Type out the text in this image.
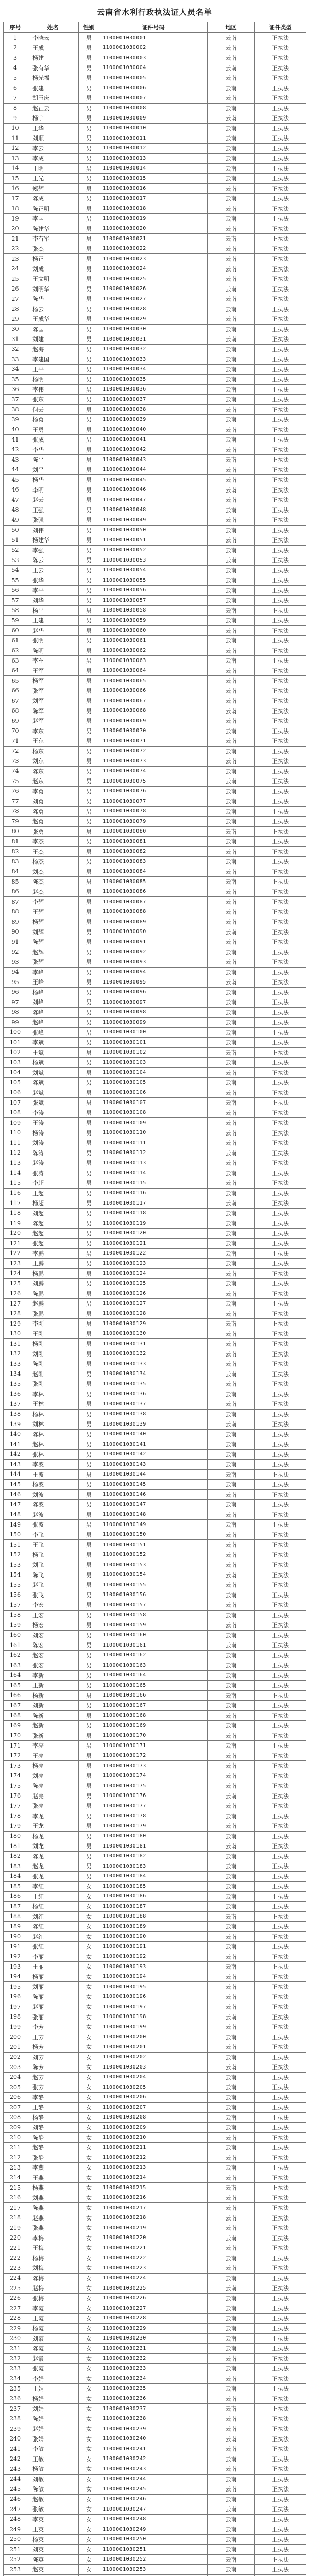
云南省水利行政执法证人员名单
序号	姓名	性别	证件号码	地区	证件类型
1	李晓云	男	1100001030001	云南	正执法
2	王成	男	1100001030002	云南	正执法
3	杨建	男	1100001030003	云南	正执法
4	张有华	男	1100001030004	云南	正执法
5	杨光福	男	1100001030005	云南	正执法
6	张建	男	1100001030006	云南	正执法
7	胡玉庆	男	1100001030007	云南	正执法
8	赵正云	男	1100001030008	云南	正执法
9	杨宇	男	1100001030009	云南	正执法
10	王华	男	1100001030010	云南	正执法
11	刘顺	男	1100001030011	云南	正执法
12	李云	男	1100001030012	云南	正执法
13	李成	男	1100001030013	云南	正执法
14	王明	男	1100001030014	云南	正执法
15	王光	男	1100001030015	云南	正执法
16	郑辉	男	1100001030016	云南	正执法
17	陈成	男	1100001030017	云南	正执法
18	陈正明	男	1100001030018	云南	正执法
19	李国	男	1100001030019	云南	正执法
20	陈建华	男	1100001030020	云南	正执法
21	李有军	男	1100001030021	云南	正执法
22	张杰	男	1100001030022	云南	正执法
23	杨正	男	1100001030023	云南	正执法
24	刘成	男	1100001030024	云南	正执法
25	王文明	男	1100001030025	云南	正执法
26	刘明华	男	1100001030026	云南	正执法
27	陈华	男	1100001030027	云南	正执法
28	杨云	男	1100001030028	云南	正执法
29	王成华	男	1100001030029	云南	正执法
30	陈国	男	1100001030030	云南	正执法
31	刘建	男	1100001030031	云南	正执法
32	赵海	男	1100001030032	云南	正执法
33	李建国	男	1100001030033	云南	正执法
34	王平	男	1100001030034	云南	正执法
35	杨明	男	1100001030035	云南	正执法
36	李伟	男	1100001030036	云南	正执法
37	张东	男	1100001030037	云南	正执法
38	何云	男	1100001030038	云南	正执法
39	杨勇	男	1100001030039	云南	正执法
40	王勇	男	1100001030040	云南	正执法
41	张成	男	1100001030041	云南	正执法
42	李华	男	1100001030042	云南	正执法
43	陈平	男	1100001030043	云南	正执法
44	刘平	男	1100001030044	云南	正执法
45	杨华	男	1100001030045	云南	正执法
46	李明	男	1100001030046	云南	正执法
47	赵云	男	1100001030047	云南	正执法
48	王强	男	1100001030048	云南	正执法
49	张强	男	1100001030049	云南	正执法
50	刘伟	男	1100001030050	云南	正执法
51	杨建华	男	1100001030051	云南	正执法
52	李强	男	1100001030052	云南	正执法
53	陈云	男	1100001030053	云南	正执法
54	王云	男	1100001030054	云南	正执法
55	张华	男	1100001030055	云南	正执法
56	李平	男	1100001030056	云南	正执法
57	刘华	男	1100001030057	云南	正执法
58	杨平	男	1100001030058	云南	正执法
59	王建	男	1100001030059	云南	正执法
60	赵华	男	1100001030060	云南	正执法
61	张明	男	1100001030061	云南	正执法
62	陈明	男	1100001030062	云南	正执法
63	李军	男	1100001030063	云南	正执法
64	王军	男	1100001030064	云南	正执法
65	杨军	男	1100001030065	云南	正执法
66	张军	男	1100001030066	云南	正执法
67	刘军	男	1100001030067	云南	正执法
68	陈军	男	1100001030068	云南	正执法
69	赵军	男	1100001030069	云南	正执法
70	李东	男	1100001030070	云南	正执法
71	王东	男	1100001030071	云南	正执法
72	杨东	男	1100001030072	云南	正执法
73	刘东	男	1100001030073	云南	正执法
74	陈东	男	1100001030074	云南	正执法
75	赵东	男	1100001030075	云南	正执法
76	李勇	男	1100001030076	云南	正执法
77	刘勇	男	1100001030077	云南	正执法
78	陈勇	男	1100001030078	云南	正执法
79	赵勇	男	1100001030079	云南	正执法
80	张勇	男	1100001030080	云南	正执法
81	李杰	男	1100001030081	云南	正执法
82	王杰	男	1100001030082	云南	正执法
83	杨杰	男	1100001030083	云南	正执法
84	刘杰	男	1100001030084	云南	正执法
85	陈杰	男	1100001030085	云南	正执法
86	赵杰	男	1100001030086	云南	正执法
87	李辉	男	1100001030087	云南	正执法
88	王辉	男	1100001030088	云南	正执法
89	杨辉	男	1100001030089	云南	正执法
90	刘辉	男	1100001030090	云南	正执法
91	陈辉	男	1100001030091	云南	正执法
92	赵辉	男	1100001030092	云南	正执法
93	张辉	男	1100001030093	云南	正执法
94	李峰	男	1100001030094	云南	正执法
95	王峰	男	1100001030095	云南	正执法
96	杨峰	男	1100001030096	云南	正执法
97	刘峰	男	1100001030097	云南	正执法
98	陈峰	男	1100001030098	云南	正执法
99	赵峰	男	1100001030099	云南	正执法
100	张峰	男	1100001030100	云南	正执法
101	李斌	男	1100001030101	云南	正执法
102	王斌	男	1100001030102	云南	正执法
103	杨斌	男	1100001030103	云南	正执法
104	刘斌	男	1100001030104	云南	正执法
105	陈斌	男	1100001030105	云南	正执法
106	赵斌	男	1100001030106	云南	正执法
107	张斌	男	1100001030107	云南	正执法
108	李涛	男	1100001030108	云南	正执法
109	王涛	男	1100001030109	云南	正执法
110	杨涛	男	1100001030110	云南	正执法
111	刘涛	男	1100001030111	云南	正执法
112	陈涛	男	1100001030112	云南	正执法
113	赵涛	男	1100001030113	云南	正执法
114	张涛	男	1100001030114	云南	正执法
115	李超	男	1100001030115	云南	正执法
116	王超	男	1100001030116	云南	正执法
117	杨超	男	1100001030117	云南	正执法
118	刘超	男	1100001030118	云南	正执法
119	陈超	男	1100001030119	云南	正执法
120	赵超	男	1100001030120	云南	正执法
121	张超	男	1100001030121	云南	正执法
122	李鹏	男	1100001030122	云南	正执法
123	王鹏	男	1100001030123	云南	正执法
124	杨鹏	男	1100001030124	云南	正执法
125	刘鹏	男	1100001030125	云南	正执法
126	陈鹏	男	1100001030126	云南	正执法
127	赵鹏	男	1100001030127	云南	正执法
128	张鹏	男	1100001030128	云南	正执法
129	李刚	男	1100001030129	云南	正执法
130	王刚	男	1100001030130	云南	正执法
131	杨刚	男	1100001030131	云南	正执法
132	刘刚	男	1100001030132	云南	正执法
133	陈刚	男	1100001030133	云南	正执法
134	赵刚	男	1100001030134	云南	正执法
135	张刚	男	1100001030135	云南	正执法
136	李林	男	1100001030136	云南	正执法
137	王林	男	1100001030137	云南	正执法
138	杨林	男	1100001030138	云南	正执法
139	刘林	男	1100001030139	云南	正执法
140	陈林	男	1100001030140	云南	正执法
141	赵林	男	1100001030141	云南	正执法
142	张林	男	1100001030142	云南	正执法
143	李波	男	1100001030143	云南	正执法
144	王波	男	1100001030144	云南	正执法
145	杨波	男	1100001030145	云南	正执法
146	刘波	男	1100001030146	云南	正执法
147	陈波	男	1100001030147	云南	正执法
148	赵波	男	1100001030148	云南	正执法
149	张波	男	1100001030149	云南	正执法
150	李飞	男	1100001030150	云南	正执法
151	王飞	男	1100001030151	云南	正执法
152	杨飞	男	1100001030152	云南	正执法
153	刘飞	男	1100001030153	云南	正执法
154	陈飞	男	1100001030154	云南	正执法
155	赵飞	男	1100001030155	云南	正执法
156	张飞	男	1100001030156	云南	正执法
157	李宏	男	1100001030157	云南	正执法
158	王宏	男	1100001030158	云南	正执法
159	杨宏	男	1100001030159	云南	正执法
160	刘宏	男	1100001030160	云南	正执法
161	陈宏	男	1100001030161	云南	正执法
162	赵宏	男	1100001030162	云南	正执法
163	张宏	男	1100001030163	云南	正执法
164	李新	男	1100001030164	云南	正执法
165	王新	男	1100001030165	云南	正执法
166	杨新	男	1100001030166	云南	正执法
167	刘新	男	1100001030167	云南	正执法
168	陈新	男	1100001030168	云南	正执法
169	赵新	男	1100001030169	云南	正执法
170	张新	男	1100001030170	云南	正执法
171	李亮	男	1100001030171	云南	正执法
172	王亮	男	1100001030172	云南	正执法
173	杨亮	男	1100001030173	云南	正执法
174	刘亮	男	1100001030174	云南	正执法
175	陈亮	男	1100001030175	云南	正执法
176	赵亮	男	1100001030176	云南	正执法
177	张亮	男	1100001030177	云南	正执法
178	李龙	男	1100001030178	云南	正执法
179	王龙	男	1100001030179	云南	正执法
180	杨龙	男	1100001030180	云南	正执法
181	刘龙	男	1100001030181	云南	正执法
182	陈龙	男	1100001030182	云南	正执法
183	赵龙	男	1100001030183	云南	正执法
184	张龙	男	1100001030184	云南	正执法
185	李红	女	1100001030185	云南	正执法
186	王红	女	1100001030186	云南	正执法
187	杨红	女	1100001030187	云南	正执法
188	刘红	女	1100001030188	云南	正执法
189	陈红	女	1100001030189	云南	正执法
190	赵红	女	1100001030190	云南	正执法
191	张红	女	1100001030191	云南	正执法
192	李丽	女	1100001030192	云南	正执法
193	王丽	女	1100001030193	云南	正执法
194	杨丽	女	1100001030194	云南	正执法
195	刘丽	女	1100001030195	云南	正执法
196	陈丽	女	1100001030196	云南	正执法
197	赵丽	女	1100001030197	云南	正执法
198	张丽	女	1100001030198	云南	正执法
199	李芳	女	1100001030199	云南	正执法
200	王芳	女	1100001030200	云南	正执法
201	杨芳	女	1100001030201	云南	正执法
202	刘芳	女	1100001030202	云南	正执法
203	陈芳	女	1100001030203	云南	正执法
204	赵芳	女	1100001030204	云南	正执法
205	张芳	女	1100001030205	云南	正执法
206	李静	女	1100001030206	云南	正执法
207	王静	女	1100001030207	云南	正执法
208	杨静	女	1100001030208	云南	正执法
209	刘静	女	1100001030209	云南	正执法
210	陈静	女	1100001030210	云南	正执法
211	赵静	女	1100001030211	云南	正执法
212	张静	女	1100001030212	云南	正执法
213	李燕	女	1100001030213	云南	正执法
214	王燕	女	1100001030214	云南	正执法
215	杨燕	女	1100001030215	云南	正执法
216	刘燕	女	1100001030216	云南	正执法
217	陈燕	女	1100001030217	云南	正执法
218	赵燕	女	1100001030218	云南	正执法
219	张燕	女	1100001030219	云南	正执法
220	李梅	女	1100001030220	云南	正执法
221	王梅	女	1100001030221	云南	正执法
222	杨梅	女	1100001030222	云南	正执法
223	刘梅	女	1100001030223	云南	正执法
224	陈梅	女	1100001030224	云南	正执法
225	赵梅	女	1100001030225	云南	正执法
226	张梅	女	1100001030226	云南	正执法
227	李霞	女	1100001030227	云南	正执法
228	王霞	女	1100001030228	云南	正执法
229	杨霞	女	1100001030229	云南	正执法
230	刘霞	女	1100001030230	云南	正执法
231	陈霞	女	1100001030231	云南	正执法
232	赵霞	女	1100001030232	云南	正执法
233	张霞	女	1100001030233	云南	正执法
234	李娟	女	1100001030234	云南	正执法
235	王娟	女	1100001030235	云南	正执法
236	杨娟	女	1100001030236	云南	正执法
237	刘娟	女	1100001030237	云南	正执法
238	陈娟	女	1100001030238	云南	正执法
239	赵娟	女	1100001030239	云南	正执法
240	张娟	女	1100001030240	云南	正执法
241	李敏	女	1100001030241	云南	正执法
242	王敏	女	1100001030242	云南	正执法
243	杨敏	女	1100001030243	云南	正执法
244	刘敏	女	1100001030244	云南	正执法
245	陈敏	女	1100001030245	云南	正执法
246	赵敏	女	1100001030246	云南	正执法
247	张敏	女	1100001030247	云南	正执法
248	李英	女	1100001030248	云南	正执法
249	王英	女	1100001030249	云南	正执法
250	杨英	女	1100001030250	云南	正执法
251	刘英	女	1100001030251	云南	正执法
252	陈英	女	1100001030252	云南	正执法
253	赵英	女	1100001030253	云南	正执法
